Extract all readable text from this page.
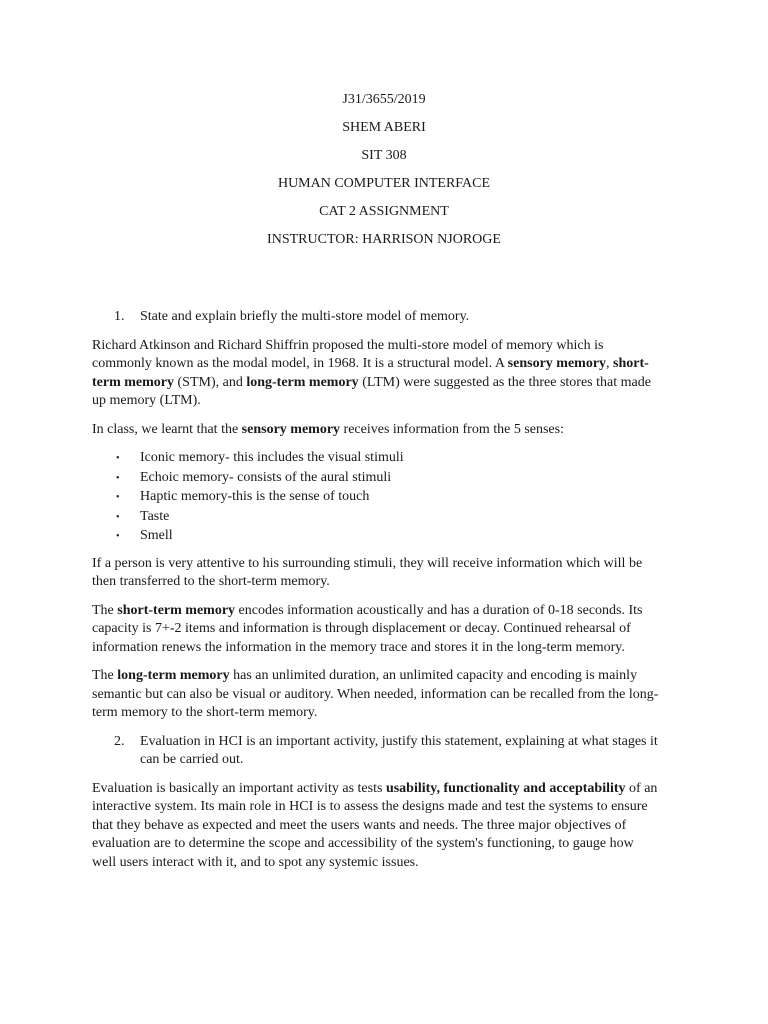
J31/3655/2019
SHEM ABERI
SIT 308
HUMAN COMPUTER INTERFACE
CAT 2 ASSIGNMENT
INSTRUCTOR: HARRISON NJOROGE
1.	State and explain briefly the multi-store model of memory.

Richard Atkinson and Richard Shiffrin proposed the multi-store model of memory which is commonly known as the modal model, in 1968. It is a structural model. A sensory memory, short-term memory (STM), and long-term memory (LTM) were suggested as the three stores that made up memory (LTM).

In class, we learnt that the sensory memory receives information from the 5 senses:

•	Iconic memory- this includes the visual stimuli
•	Echoic memory- consists of the aural stimuli
•	Haptic memory-this is the sense of touch
•	Taste
•	Smell

If a person is very attentive to his surrounding stimuli, they will receive information which will be then transferred to the short-term memory.

The short-term memory encodes information acoustically and has a duration of 0-18 seconds. Its capacity is 7+-2 items and information is through displacement or decay. Continued rehearsal of information renews the information in the memory trace and stores it in the long-term memory.

The long-term memory has an unlimited duration, an unlimited capacity and encoding is mainly semantic but can also be visual or auditory. When needed, information can be recalled from the long-term memory to the short-term memory.

2.	Evaluation in HCI is an important activity, justify this statement, explaining at what stages it can be carried out.

Evaluation is basically an important activity as tests usability, functionality and acceptability of an interactive system. Its main role in HCI is to assess the designs made and test the systems to ensure that they behave as expected and meet the users wants and needs. The three major objectives of evaluation are to determine the scope and accessibility of the system's functioning, to gauge how well users interact with it, and to spot any systemic issues.
